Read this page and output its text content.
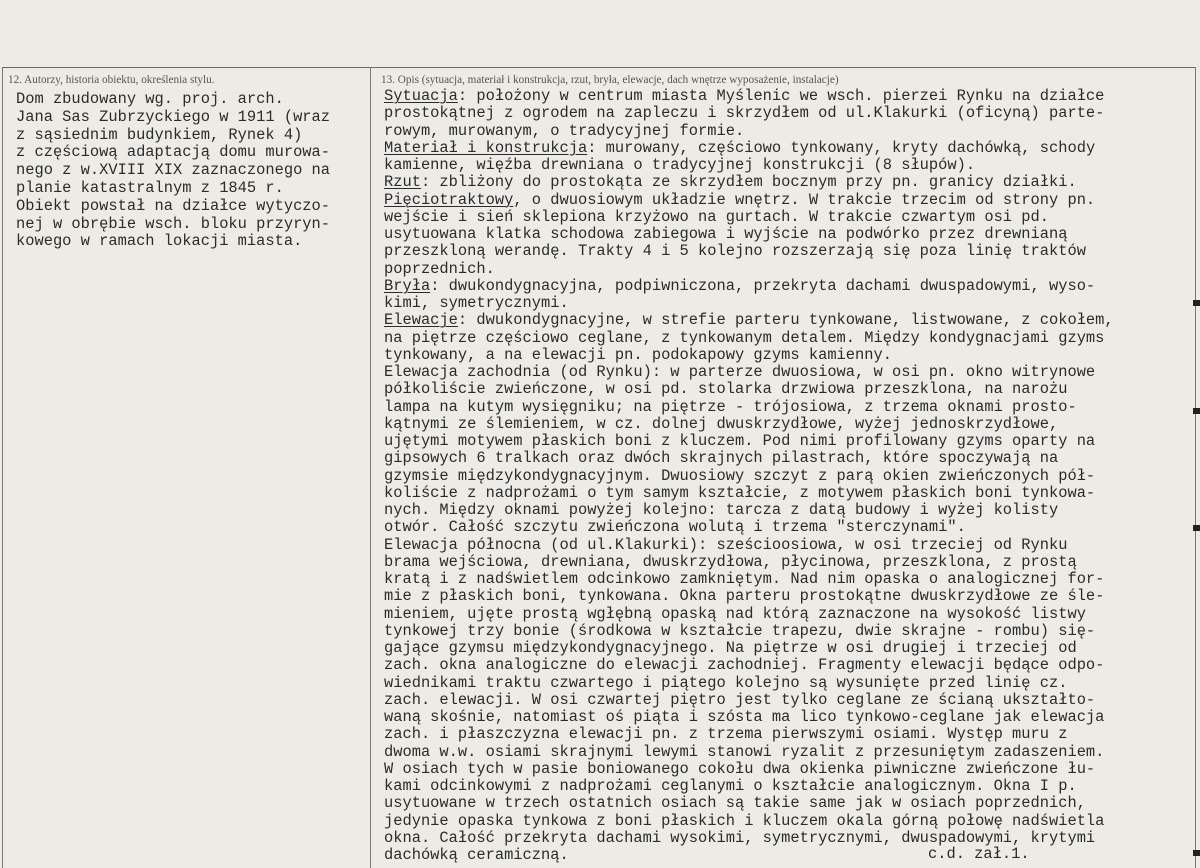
12. Autorzy, historia obiektu, określenia stylu.	13. Opis (sytuacja, materiał i konstrukcja, rzut, bryła, elewacje, dach wnętrze wyposażenie, instalacje)
Dom zbudowany wg. proj. arch.
Jana Sas Zubrzyckiego w 1911 (wraz
z sąsiednim budynkiem, Rynek 4)
z częściową adaptacją domu murowa-
nego z w.XVIII XIX zaznaczonego na
planie katastralnym z 1845 r.
Obiekt powstał na działce wytyczo-
nej w obrębie wsch. bloku przyryn-
kowego w ramach lokacji miasta.
Sytuacja: położony w centrum miasta Myślenic we wsch. pierzei Rynku na działce
prostokątnej z ogrodem na zapleczu i skrzydłem od ul.Klakurki (oficyną) parte-
rowym, murowanym, o tradycyjnej formie.
Materiał i konstrukcja: murowany, częściowo tynkowany, kryty dachówką, schody
kamienne, więźba drewniana o tradycyjnej konstrukcji (8 słupów).
Rzut: zbliżony do prostokąta ze skrzydłem bocznym przy pn. granicy działki.
Pięciotraktowy, o dwuosiowym układzie wnętrz. W trakcie trzecim od strony pn.
wejście i sień sklepiona krzyżowo na gurtach. W trakcie czwartym osi pd.
usytuowana klatka schodowa zabiegowa i wyjście na podwórko przez drewnianą
przeszkloną werandę. Trakty 4 i 5 kolejno rozszerzają się poza linię traktów
poprzednich.
Bryła: dwukondygnacyjna, podpiwniczona, przekryta dachami dwuspadowymi, wyso-
kimi, symetrycznymi.
Elewacje: dwukondygnacyjne, w strefie parteru tynkowane, listwowane, z cokołem,
na piętrze częściowo ceglane, z tynkowanym detalem. Między kondygnacjami gzyms
tynkowany, a na elewacji pn. podokapowy gzyms kamienny.
Elewacja zachodnia (od Rynku): w parterze dwuosiowa, w osi pn. okno witrynowe
półkoliście zwieńczone, w osi pd. stolarka drzwiowa przeszklona, na narożu
lampa na kutym wysięgniku; na piętrze - trójosiowa, z trzema oknami prosto-
kątnymi ze ślemieniem, w cz. dolnej dwuskrzydłowe, wyżej jednoskrzydłowe,
ujętymi motywem płaskich boni z kluczem. Pod nimi profilowany gzyms oparty na
gipsowych 6 tralkach oraz dwóch skrajnych pilastrach, które spoczywają na
gzymsie międzykondygnacyjnym. Dwuosiowy szczyt z parą okien zwieńczonych pół-
koliście z nadprożami o tym samym kształcie, z motywem płaskich boni tynkowa-
nych. Między oknami powyżej kolejno: tarcza z datą budowy i wyżej kolisty
otwór. Całość szczytu zwieńczona wolutą i trzema "sterczynami".
Elewacja północna (od ul.Klakurki): sześcioosiowa, w osi trzeciej od Rynku
brama wejściowa, drewniana, dwuskrzydłowa, płycinowa, przeszklona, z prostą
kratą i z nadświetlem odcinkowo zamkniętym. Nad nim opaska o analogicznej for-
mie z płaskich boni, tynkowana. Okna parteru prostokątne dwuskrzydłowe ze śle-
mieniem, ujęte prostą wgłębną opaską nad którą zaznaczone na wysokość listwy
tynkowej trzy bonie (środkowa w kształcie trapezu, dwie skrajne - rombu) się-
gające gzymsu międzykondygnacyjnego. Na piętrze w osi drugiej i trzeciej od
zach. okna analogiczne do elewacji zachodniej. Fragmenty elewacji będące odpo-
wiednikami traktu czwartego i piątego kolejno są wysunięte przed linię cz.
zach. elewacji. W osi czwartej piętro jest tylko ceglane ze ścianą ukształto-
waną skośnie, natomiast oś piąta i szósta ma lico tynkowo-ceglane jak elewacja
zach. i płaszczyzna elewacji pn. z trzema pierwszymi osiami. Występ muru z
dwoma w.w. osiami skrajnymi lewymi stanowi ryzalit z przesuniętym zadaszeniem.
W osiach tych w pasie boniowanego cokołu dwa okienka piwniczne zwieńczone łu-
kami odcinkowymi z nadprożami ceglanymi o kształcie analogicznym. Okna I p.
usytuowane w trzech ostatnich osiach są takie same jak w osiach poprzednich,
jedynie opaska tynkowa z boni płaskich i kluczem okala górną połowę nadświetla
okna. Całość przekryta dachami wysokimi, symetrycznymi, dwuspadowymi, krytymi
dachówką ceramiczną.	c.d. zał.1.
